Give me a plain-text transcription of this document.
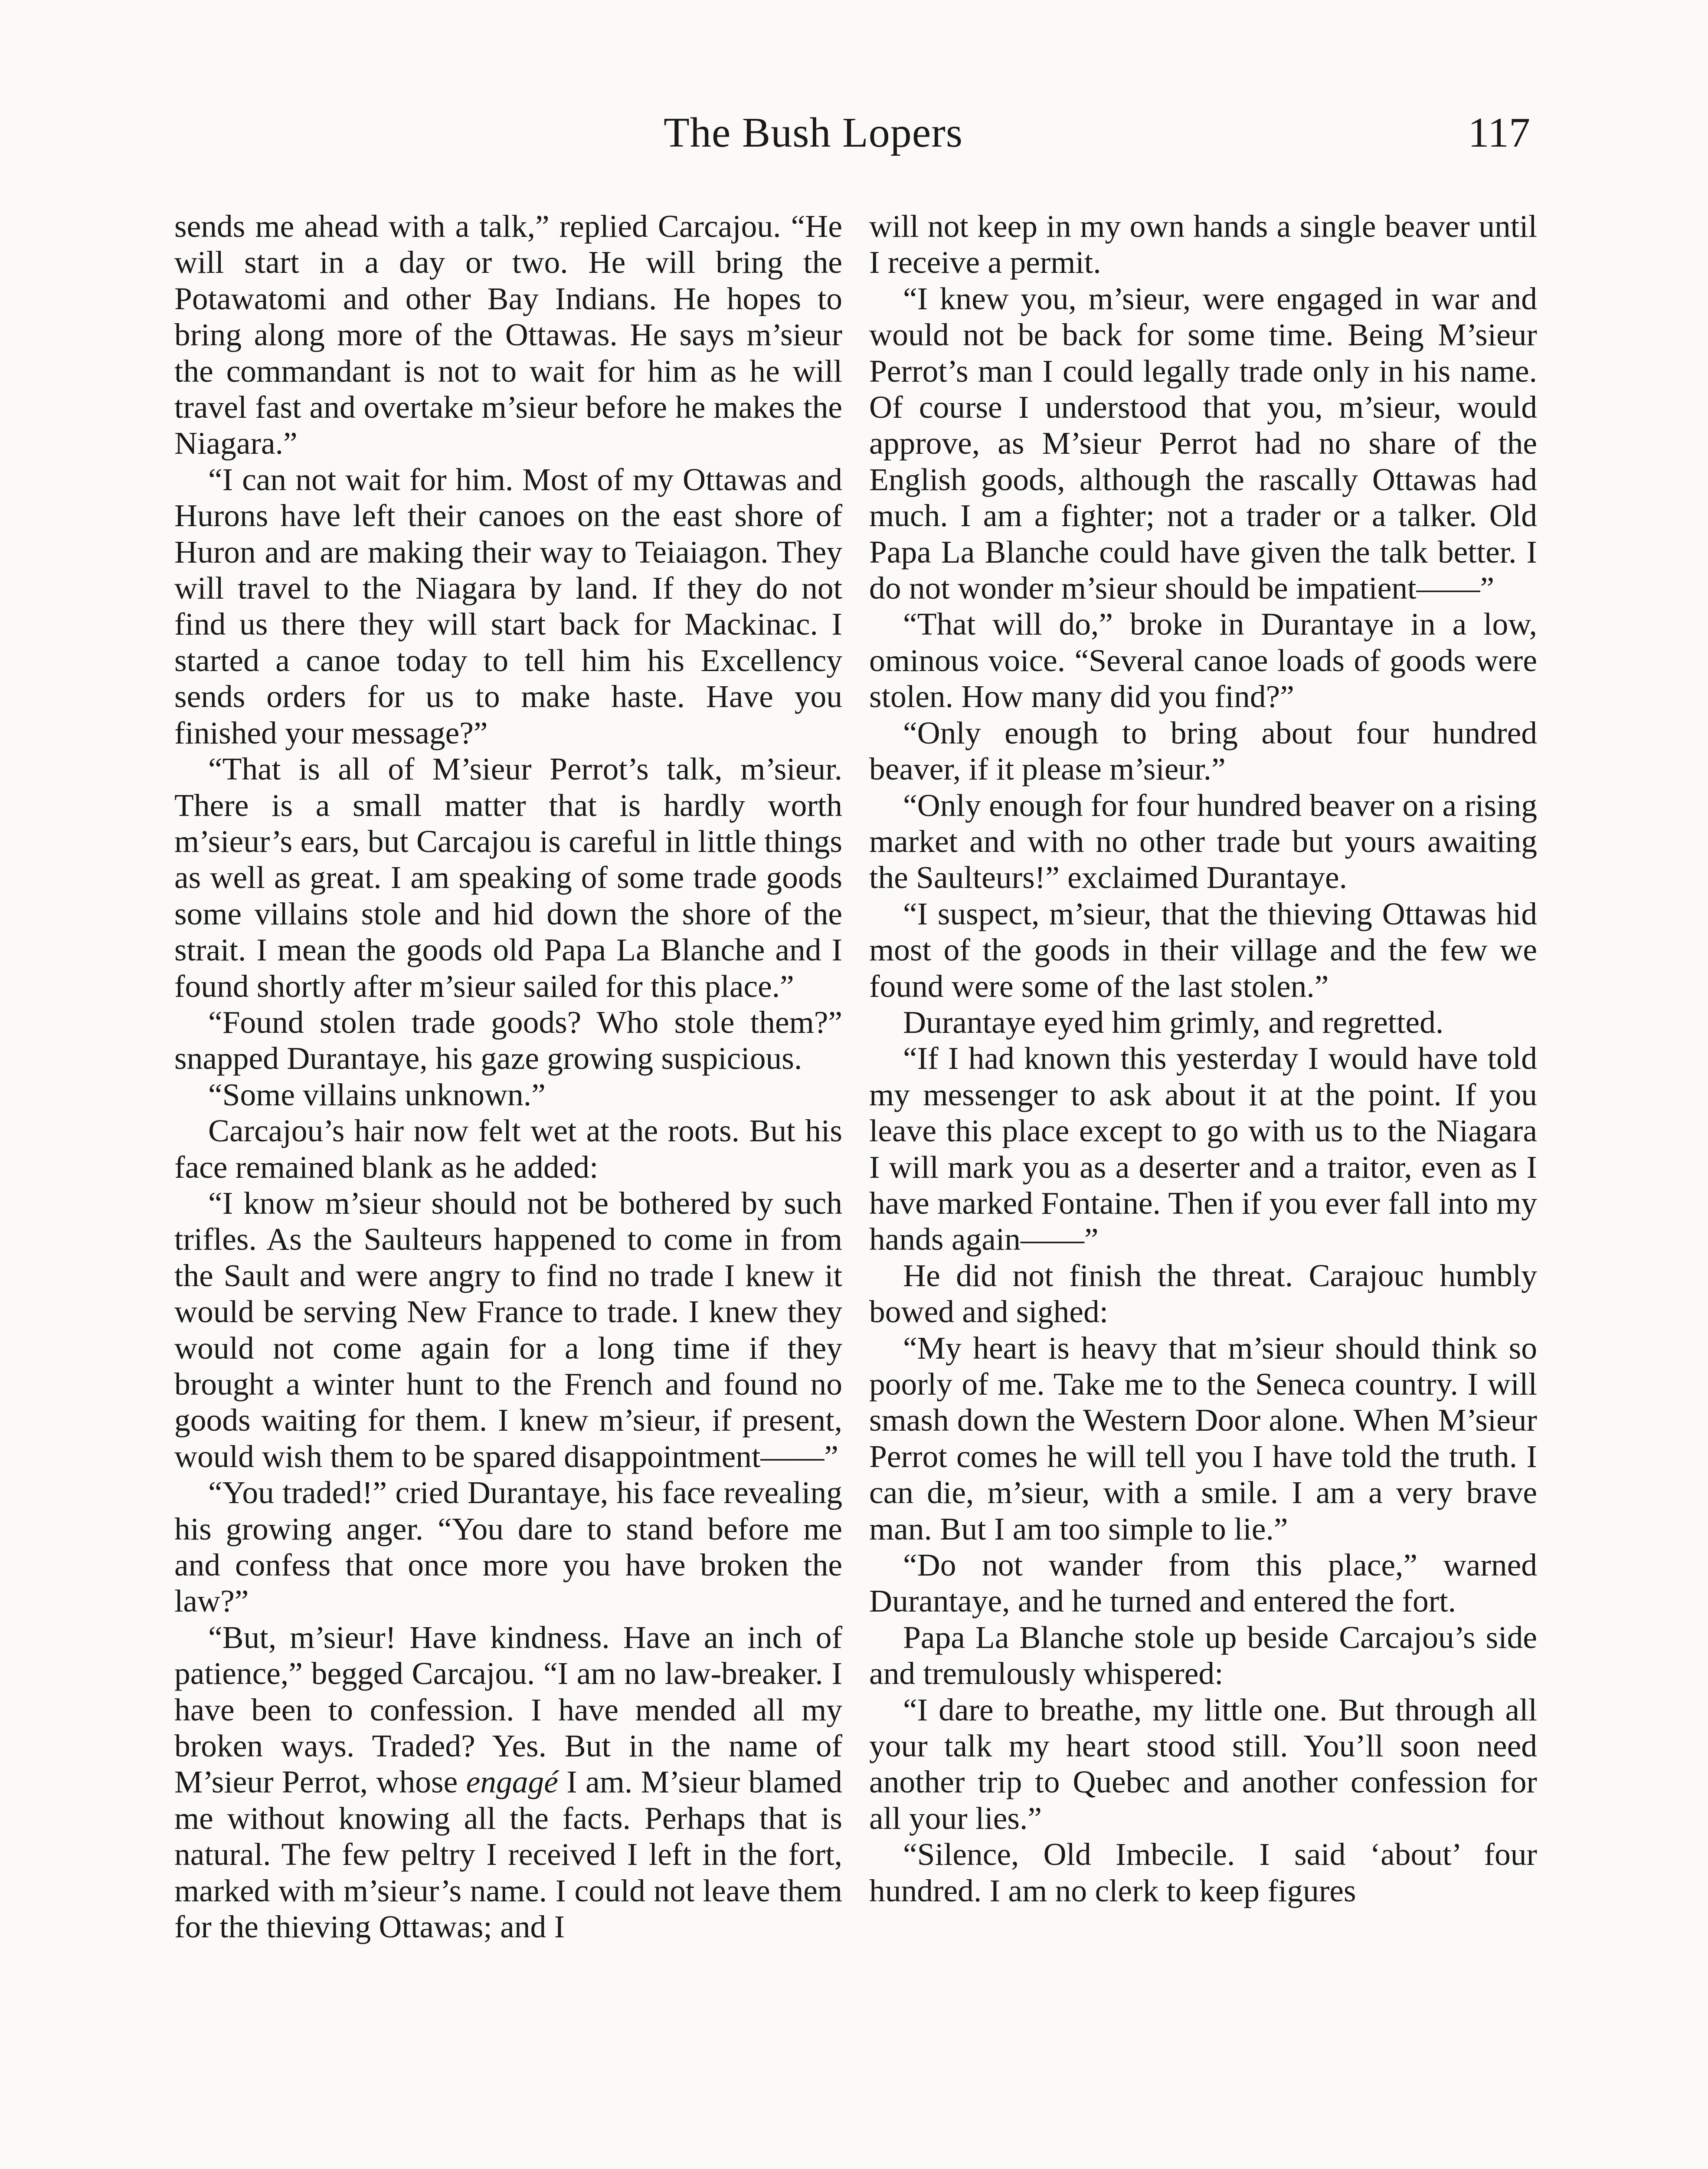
The Bush Lopers	117

sends me ahead with a talk,” replied Carcajou. “He will start in a day or two. He will bring the Potawatomi and other Bay Indians. He hopes to bring along more of the Ottawas. He says m’sieur the commandant is not to wait for him as he will travel fast and overtake m’sieur before he makes the Niagara.”

“I can not wait for him. Most of my Ottawas and Hurons have left their canoes on the east shore of Huron and are making their way to Teiaiagon. They will travel to the Niagara by land. If they do not find us there they will start back for Mackinac. I started a canoe today to tell him his Excellency sends orders for us to make haste. Have you finished your message?”

“That is all of M’sieur Perrot’s talk, m’sieur. There is a small matter that is hardly worth m’sieur’s ears, but Carcajou is careful in little things as well as great. I am speaking of some trade goods some villains stole and hid down the shore of the strait. I mean the goods old Papa La Blanche and I found shortly after m’sieur sailed for this place.”

“Found stolen trade goods? Who stole them?” snapped Durantaye, his gaze growing suspicious.

“Some villains unknown.”

Carcajou’s hair now felt wet at the roots. But his face remained blank as he added:

“I know m’sieur should not be bothered by such trifles. As the Saulteurs happened to come in from the Sault and were angry to find no trade I knew it would be serving New France to trade. I knew they would not come again for a long time if they brought a winter hunt to the French and found no goods waiting for them. I knew m’sieur, if present, would wish them to be spared disappointment——”

“You traded!” cried Durantaye, his face revealing his growing anger. “You dare to stand before me and confess that once more you have broken the law?”

“But, m’sieur! Have kindness. Have an inch of patience,” begged Carcajou. “I am no law-breaker. I have been to confession. I have mended all my broken ways. Traded? Yes. But in the name of M’sieur Perrot, whose engagé I am. M’sieur blamed me without knowing all the facts. Perhaps that is natural. The few peltry I received I left in the fort, marked with m’sieur’s name. I could not leave them for the thieving Ottawas; and I

will not keep in my own hands a single beaver until I receive a permit.

“I knew you, m’sieur, were engaged in war and would not be back for some time. Being M’sieur Perrot’s man I could legally trade only in his name. Of course I understood that you, m’sieur, would approve, as M’sieur Perrot had no share of the English goods, although the rascally Ottawas had much. I am a fighter; not a trader or a talker. Old Papa La Blanche could have given the talk better. I do not wonder m’sieur should be impatient——”

“That will do,” broke in Durantaye in a low, ominous voice. “Several canoe loads of goods were stolen. How many did you find?”

“Only enough to bring about four hundred beaver, if it please m’sieur.”

“Only enough for four hundred beaver on a rising market and with no other trade but yours awaiting the Saulteurs!” exclaimed Durantaye.

“I suspect, m’sieur, that the thieving Ottawas hid most of the goods in their village and the few we found were some of the last stolen.”

Durantaye eyed him grimly, and regretted.

“If I had known this yesterday I would have told my messenger to ask about it at the point. If you leave this place except to go with us to the Niagara I will mark you as a deserter and a traitor, even as I have marked Fontaine. Then if you ever fall into my hands again——”

He did not finish the threat. Carajouc humbly bowed and sighed:

“My heart is heavy that m’sieur should think so poorly of me. Take me to the Seneca country. I will smash down the Western Door alone. When M’sieur Perrot comes he will tell you I have told the truth. I can die, m’sieur, with a smile. I am a very brave man. But I am too simple to lie.”

“Do not wander from this place,” warned Durantaye, and he turned and entered the fort.

Papa La Blanche stole up beside Carcajou’s side and tremulously whispered:

“I dare to breathe, my little one. But through all your talk my heart stood still. You’ll soon need another trip to Quebec and another confession for all your lies.”

“Silence, Old Imbecile. I said ‘about’ four hundred. I am no clerk to keep figures
